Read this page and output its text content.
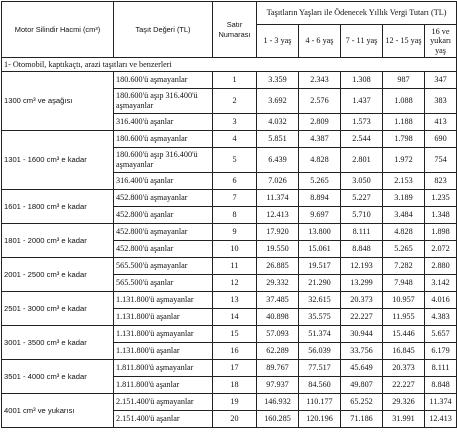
Motor Silindir Hacmi (cm³)	Taşıt Değeri (TL)	Satır Numarası	Taşıtların Yaşları ile Ödenecek Yıllık Vergi Tutarı (TL)				
			1 - 3 yaş	4 - 6 yaş	7 - 11 yaş	12 - 15 yaş	16 ve yukarı yaş
1- Otomobil, kaptıkaçtı, arazi taşıtları ve benzerleri							
1300 cm³ ve aşağısı	180.600'ü aşmayanlar	1	3.359	2.343	1.308	987	347
	180.600'ü aşıp 316.400'ü aşmayanlar	2	3.692	2.576	1.437	1.088	383
	316.400'ü aşanlar	3	4.032	2.809	1.573	1.188	413
1301 - 1600 cm³ e kadar	180.600'ü aşmayanlar	4	5.851	4.387	2.544	1.798	690
	180.600'ü aşıp 316.400'ü aşmayanlar	5	6.439	4.828	2.801	1.972	754
	316.400'ü aşanlar	6	7.026	5.265	3.050	2.153	823
1601 - 1800 cm³ e kadar	452.800'ü aşmayanlar	7	11.374	8.894	5.227	3.189	1.235
	452.800'ü aşanlar	8	12.413	9.697	5.710	3.484	1.348
1801 - 2000 cm³ e kadar	452.800'ü aşmayanlar	9	17.920	13.800	8.111	4.828	1.898
	452.800'ü aşanlar	10	19.550	15.061	8.848	5.265	2.072
2001 - 2500 cm³ e kadar	565.500'ü aşmayanlar	11	26.885	19.517	12.193	7.282	2.880
	565.500'ü aşanlar	12	29.332	21.290	13.299	7.948	3.142
2501 - 3000 cm³ e kadar	1.131.800'ü aşmayanlar	13	37.485	32.615	20.373	10.957	4.016
	1.131.800'ü aşanlar	14	40.898	35.575	22.227	11.955	4.383
3001 - 3500 cm³ e kadar	1.131.800'ü aşmayanlar	15	57.093	51.374	30.944	15.446	5.657
	1.131.800'ü aşanlar	16	62.289	56.039	33.756	16.845	6.179
3501 - 4000 cm³ e kadar	1.811.800'ü aşmayanlar	17	89.767	77.517	45.649	20.373	8.111
	1.811.800'ü aşanlar	18	97.937	84.560	49.807	22.227	8.848
4001 cm³ ve yukarısı	2.151.400'ü aşmayanlar	19	146.932	110.177	65.252	29.326	11.374
	2.151.400'ü aşanlar	20	160.285	120.196	71.186	31.991	12.413
